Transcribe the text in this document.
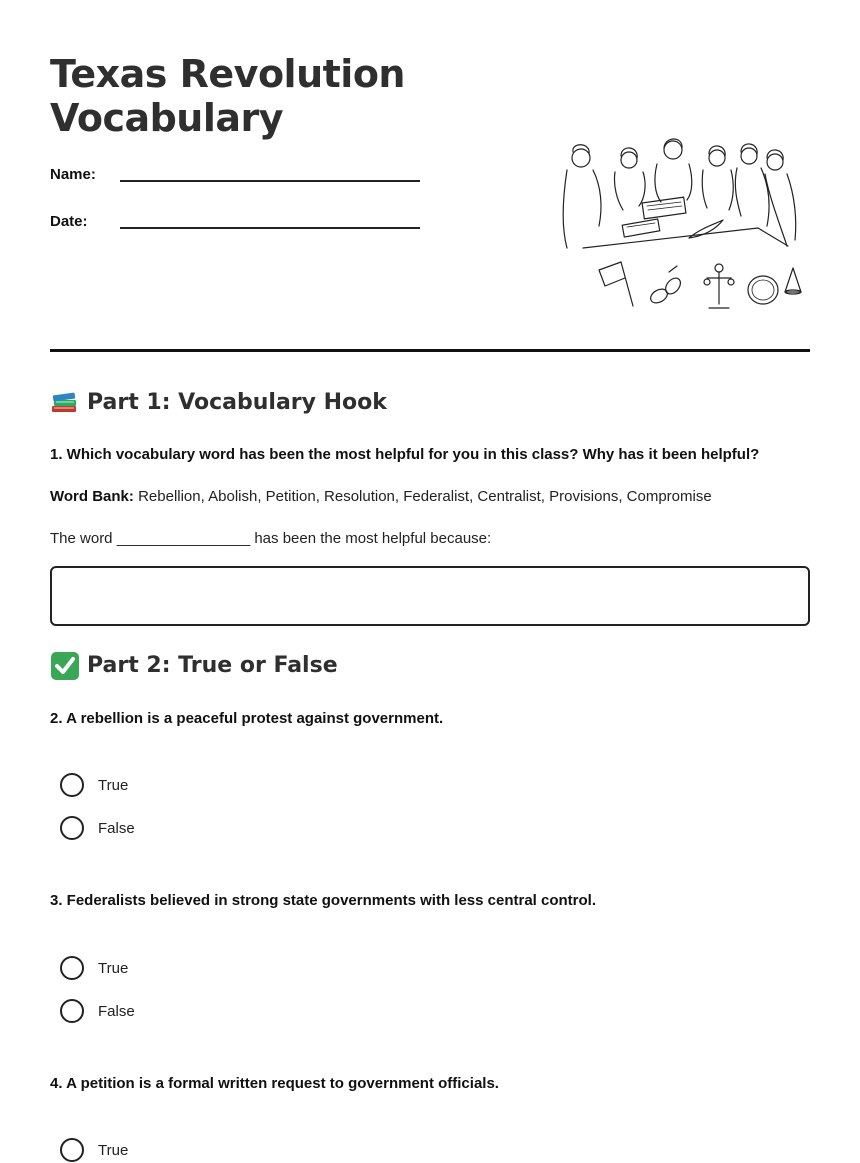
Texas Revolution Vocabulary
Name:
Date:
Part 1: Vocabulary Hook
1. Which vocabulary word has been the most helpful for you in this class? Why has it been helpful?
Word Bank: Rebellion, Abolish, Petition, Resolution, Federalist, Centralist, Provisions, Compromise
The word ________________ has been the most helpful because:
Part 2: True or False
2. A rebellion is a peaceful protest against government.
True
False
3. Federalists believed in strong state governments with less central control.
True
False
4. A petition is a formal written request to government officials.
True
